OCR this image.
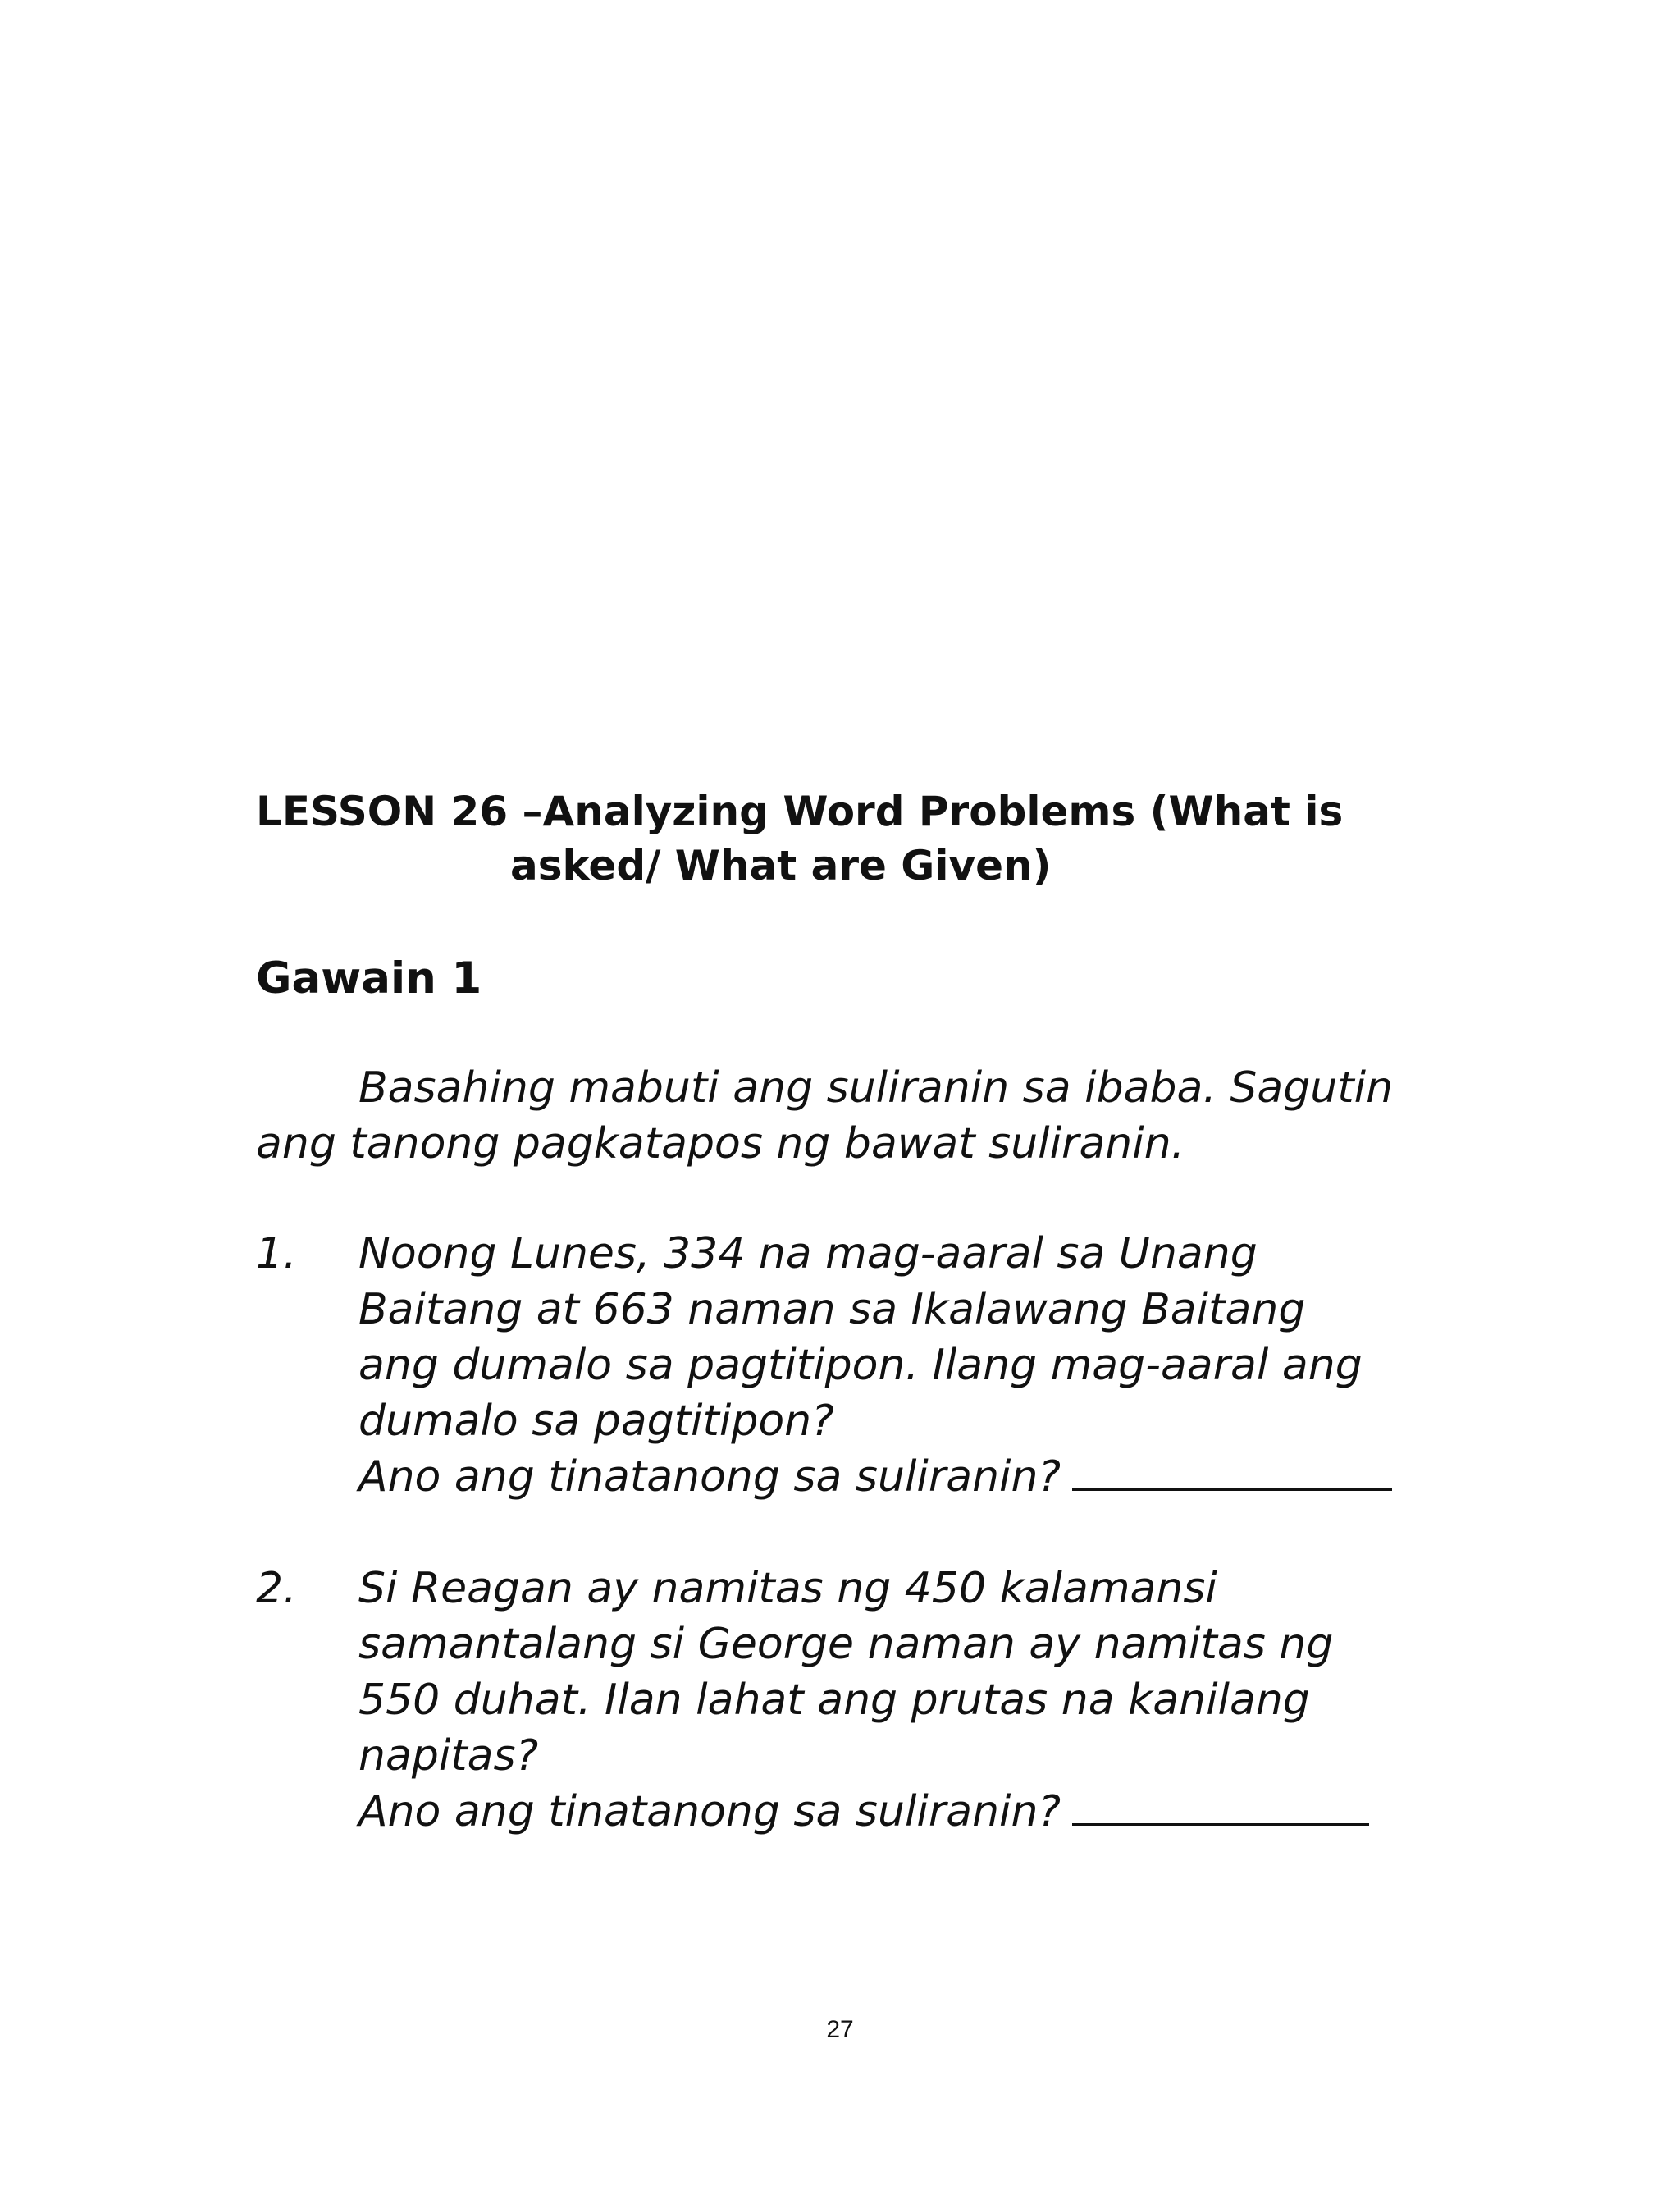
LESSON 26 –Analyzing Word Problems (What is
asked/ What are Given)
Gawain 1
Basahing mabuti ang suliranin sa ibaba. Sagutin
ang tanong pagkatapos ng bawat suliranin.
1. Noong Lunes, 334 na mag-aaral sa Unang
Baitang at 663 naman sa Ikalawang Baitang
ang dumalo sa pagtitipon. Ilang mag-aaral ang
dumalo sa pagtitipon?
Ano ang tinatanong sa suliranin?
2. Si Reagan ay namitas ng 450 kalamansi
samantalang si George naman ay namitas ng
550 duhat. Ilan lahat ang prutas na kanilang
napitas?
Ano ang tinatanong sa suliranin?
27
